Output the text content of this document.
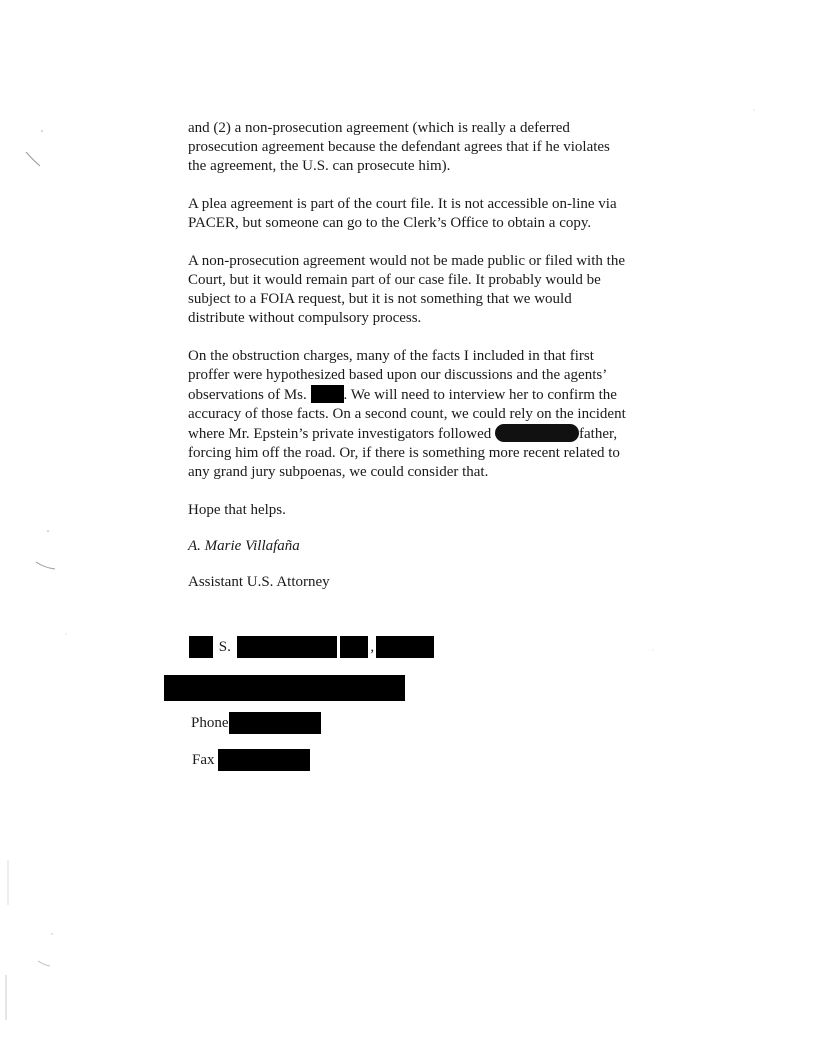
and (2) a non-prosecution agreement (which is really a deferred prosecution agreement because the defendant agrees that if he violates the agreement, the U.S. can prosecute him).

A plea agreement is part of the court file. It is not accessible on-line via PACER, but someone can go to the Clerk’s Office to obtain a copy.

A non-prosecution agreement would not be made public or filed with the Court, but it would remain part of our case file. It probably would be subject to a FOIA request, but it is not something that we would distribute without compulsory process.

On the obstruction charges, many of the facts I included in that first proffer were hypothesized based upon our discussions and the agents’ observations of Ms. . We will need to interview her to confirm the accuracy of those facts. On a second count, we could rely on the incident where Mr. Epstein’s private investigators followed	father, forcing him off the road. Or, if there is something more recent related to any grand jury subpoenas, we could consider that.

Hope that helps.

A. Marie Villafaña

Assistant U.S. Attorney

S.	,
Phone
Fax
